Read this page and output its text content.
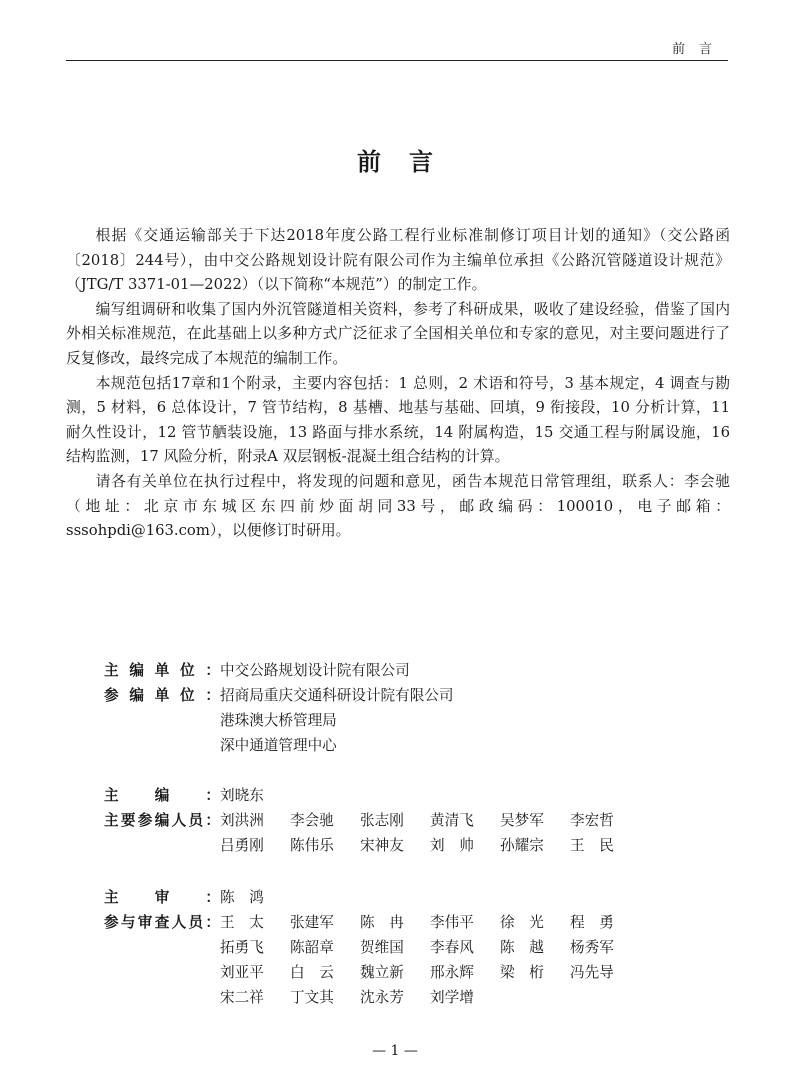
前言
前言

根据《交通运输部关于下达2018年度公路工程行业标准制修订项目计划的通知》（交公路函〔2018〕244号），由中交公路规划设计院有限公司作为主编单位承担《公路沉管隧道设计规范》（JTG/T 3371-01—2022）（以下简称“本规范”）的制定工作。

编写组调研和收集了国内外沉管隧道相关资料，参考了科研成果，吸收了建设经验，借鉴了国内外相关标准规范，在此基础上以多种方式广泛征求了全国相关单位和专家的意见，对主要问题进行了反复修改，最终完成了本规范的编制工作。

本规范包括17章和1个附录，主要内容包括：1 总则，2 术语和符号，3 基本规定，4 调查与勘测，5 材料，6 总体设计，7 管节结构，8 基槽、地基与基础、回填，9 衔接段，10 分析计算，11 耐久性设计，12 管节舾装设施，13 路面与排水系统，14 附属构造，15 交通工程与附属设施，16 结构监测，17 风险分析，附录A 双层钢板-混凝土组合结构的计算。

请各有关单位在执行过程中，将发现的问题和意见，函告本规范日常管理组，联系人：李会驰（地址：北京市东城区东四前炒面胡同33号，邮政编码：100010，电子邮箱：sssohpdi@163.com），以便修订时研用。

主编单位： 中交公路规划设计院有限公司
参编单位： 招商局重庆交通科研设计院有限公司
港珠澳大桥管理局
深中通道管理中心
主编： 刘晓东
主要参编人员： 刘洪洲	李会驰	张志刚	黄清飞	吴梦军	李宏哲
吕勇刚	陈伟乐	宋神友	刘　帅	孙耀宗	王　民
主审： 陈　鸿
参与审查人员： 王　太	张建军	陈　冉	李伟平	徐　光	程　勇
拓勇飞	陈韶章	贺维国	李春风	陈　越	杨秀军
刘亚平	白　云	魏立新	邢永辉	梁　桁	冯先导
宋二祥	丁文其	沈永芳	刘学增
— 1 —
